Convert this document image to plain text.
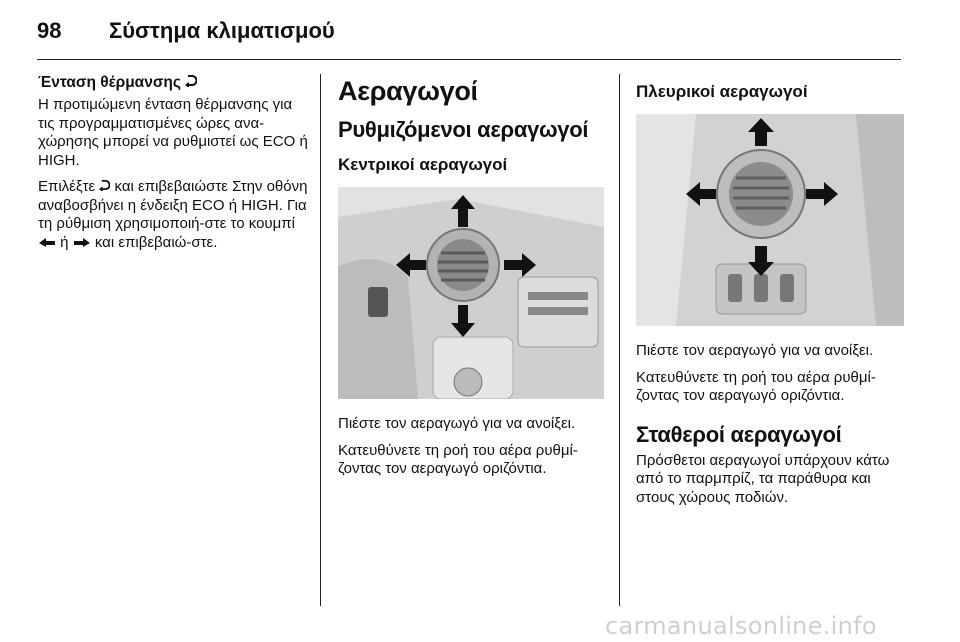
98 Σύστημα κλιματισμού
Ένταση θέρμανσης

Η προτιμώμενη ένταση θέρμανσης για τις προγραμματισμένες ώρες ανα-χώρησης μπορεί να ρυθμιστεί ως ECO ή HIGH.

Επιλέξτε και επιβεβαιώστε Στην οθόνη αναβοσβήνει η ένδειξη ECO ή HIGH. Για τη ρύθμιση χρησιμοποιή-στε το κουμπί  ή και επιβεβαιώ-στε.

Αεραγωγοί
Ρυθμιζόμενοι αεραγωγοί
Κεντρικοί αεραγωγοί

Πιέστε τον αεραγωγό για να ανοίξει.

Κατευθύνετε τη ροή του αέρα ρυθμί-ζοντας τον αεραγωγό οριζόντια.

Πλευρικοί αεραγωγοί

Πιέστε τον αεραγωγό για να ανοίξει.

Κατευθύνετε τη ροή του αέρα ρυθμί-ζοντας τον αεραγωγό οριζόντια.

Σταθεροί αεραγωγοί

Πρόσθετοι αεραγωγοί υπάρχουν κάτω από το παρμπρίζ, τα παράθυρα και στους χώρους ποδιών.

carmanualsonline.info
